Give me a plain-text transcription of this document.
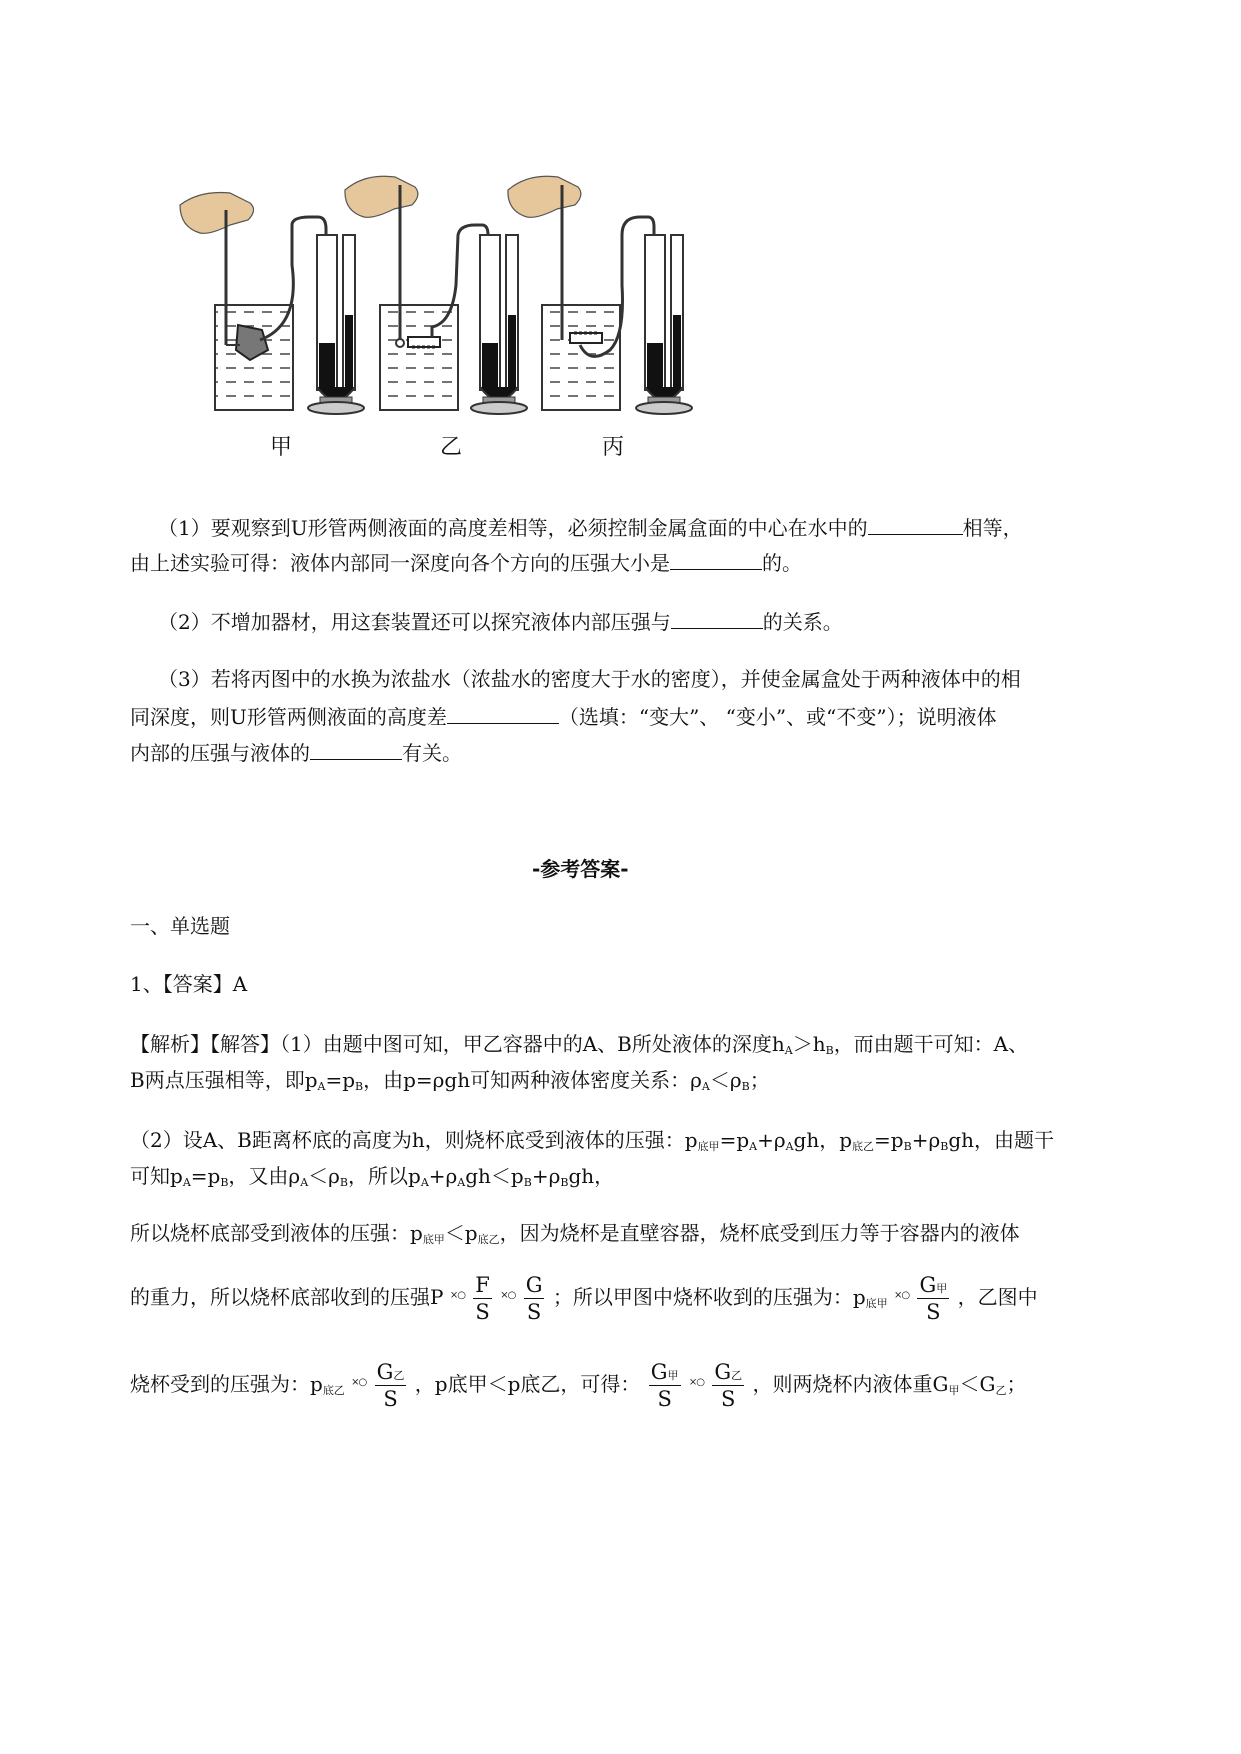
甲	乙	丙
（1）要观察到U形管两侧液面的高度差相等，必须控制金属盒面的中心在水中的	相等，
由上述实验可得：液体内部同一深度向各个方向的压强大小是	的。
（2）不增加器材，用这套装置还可以探究液体内部压强与	的关系。
（3）若将丙图中的水换为浓盐水（浓盐水的密度大于水的密度），并使金属盒处于两种液体中的相
同深度，则U形管两侧液面的高度差	（选填：“变大”、 “变小”、或“不变”）；说明液体
内部的压强与液体的	有关。
-参考答案-
一、单选题
1、【答案】A
【解析】【解答】（1）由题中图可知，甲乙容器中的A、B所处液体的深度$h_A>h_B$，而由题干可知：A、
B两点压强相等，即$p_A=p_B$，由p=ρgh可知两种液体密度关系：$\rho_A<\rho_B$；
（2）设A、B距离杯底的高度为h，则烧杯底受到液体的压强：$p_{底甲}=p_A+\rho_Agh$，$p_{底乙}=p_B+\rho_Bgh$，由题干
可知$p_A=p_B$，又由$\rho_A<\rho_B$，所以$p_A+\rho_Agh<p_B+\rho_Bgh$，
所以烧杯底部受到液体的压强：$p_{底甲}<p_{底乙}$，因为烧杯是直壁容器，烧杯底受到压力等于容器内的液体
的重力，所以烧杯底部收到的压强P $^{\times○} \frac{F}{S} ^{\times○} \frac{G}{S}$ ；所以甲图中烧杯收到的压强为：$p_{底甲}$ $^{\times○} \frac{\text{G甲}}{S}$ ，乙图中
烧杯受到的压强为：$p_{底乙}$ $^{\times○} \frac{\text{G乙}}{S}$ ，p底甲＜p底乙，可得： $\frac{\text{G甲}}{S} ^{\times○} \frac{\text{G乙}}{S}$ ，则两烧杯内液体重$G_甲<G_乙$；
